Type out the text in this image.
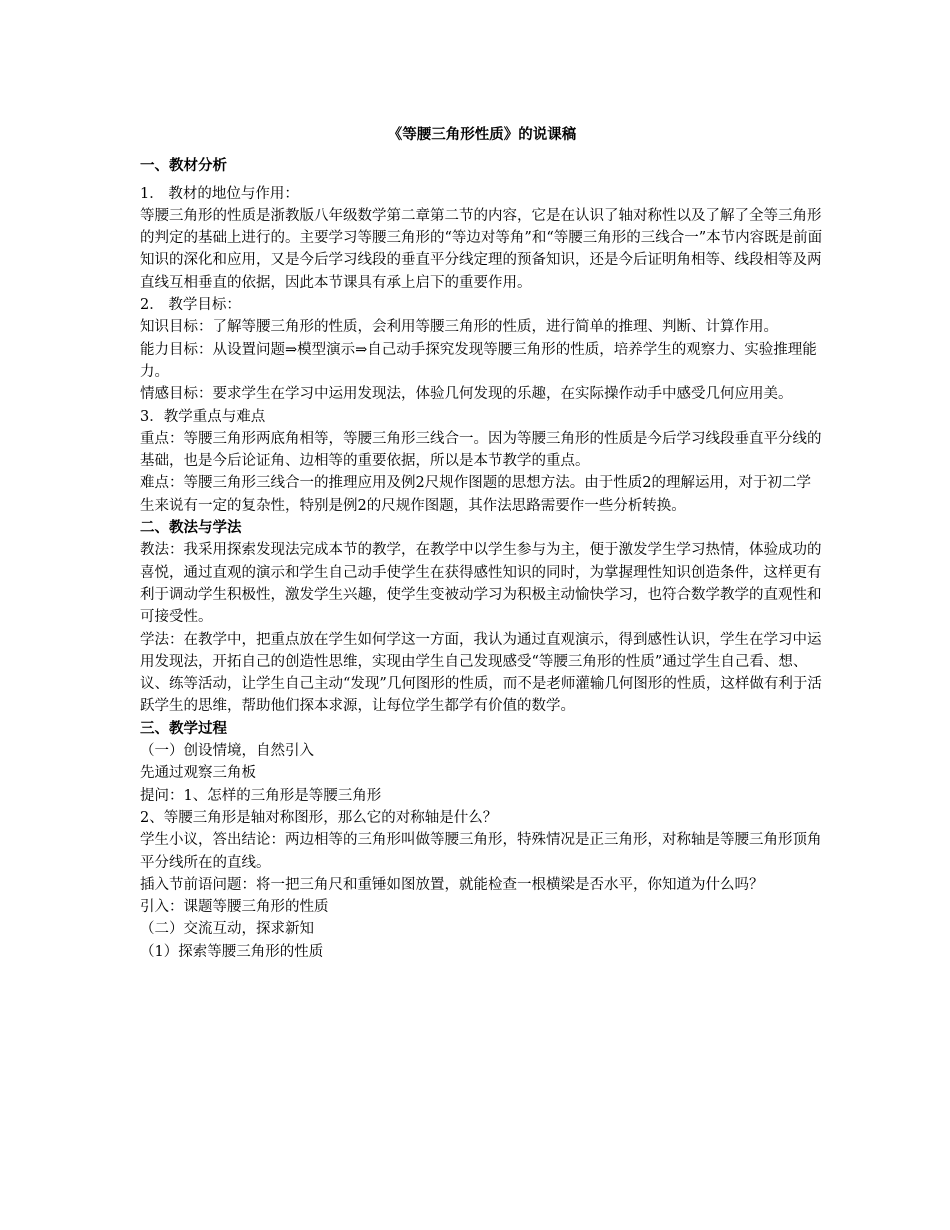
《等腰三角形性质》的说课稿
一、教材分析

1． 教材的地位与作用：

等腰三角形的性质是浙教版八年级数学第二章第二节的内容，它是在认识了轴对称性以及了解了全等三角形的判定的基础上进行的。主要学习等腰三角形的“等边对等角”和“等腰三角形的三线合一”本节内容既是前面知识的深化和应用，又是今后学习线段的垂直平分线定理的预备知识，还是今后证明角相等、线段相等及两直线互相垂直的依据，因此本节课具有承上启下的重要作用。

2． 教学目标：

知识目标：了解等腰三角形的性质，会利用等腰三角形的性质，进行简单的推理、判断、计算作用。

能力目标：从设置问题⇒模型演示⇒自己动手探究发现等腰三角形的性质，培养学生的观察力、实验推理能力。

情感目标：要求学生在学习中运用发现法，体验几何发现的乐趣，在实际操作动手中感受几何应用美。

3．教学重点与难点

重点：等腰三角形两底角相等，等腰三角形三线合一。因为等腰三角形的性质是今后学习线段垂直平分线的基础，也是今后论证角、边相等的重要依据，所以是本节教学的重点。

难点：等腰三角形三线合一的推理应用及例2尺规作图题的思想方法。由于性质2的理解运用，对于初二学生来说有一定的复杂性，特别是例2的尺规作图题，其作法思路需要作一些分析转换。

二、教法与学法

教法：我采用探索发现法完成本节的教学，在教学中以学生参与为主，便于激发学生学习热情，体验成功的喜悦，通过直观的演示和学生自己动手使学生在获得感性知识的同时，为掌握理性知识创造条件，这样更有利于调动学生积极性，激发学生兴趣，使学生变被动学习为积极主动愉快学习，也符合数学教学的直观性和可接受性。

学法：在教学中，把重点放在学生如何学这一方面，我认为通过直观演示，得到感性认识，学生在学习中运用发现法，开拓自己的创造性思维，实现由学生自己发现感受“等腰三角形的性质”通过学生自己看、想、议、练等活动，让学生自己主动“发现”几何图形的性质，而不是老师灌输几何图形的性质，这样做有利于活跃学生的思维，帮助他们探本求源，让每位学生都学有价值的数学。

三、教学过程

（一）创设情境，自然引入

先通过观察三角板

提问：1、怎样的三角形是等腰三角形

2、等腰三角形是轴对称图形，那么它的对称轴是什么？

学生小议，答出结论：两边相等的三角形叫做等腰三角形，特殊情况是正三角形，对称轴是等腰三角形顶角平分线所在的直线。

插入节前语问题：将一把三角尺和重锤如图放置，就能检查一根横梁是否水平，你知道为什么吗？

引入：课题等腰三角形的性质

（二）交流互动，探求新知

（1）探索等腰三角形的性质
